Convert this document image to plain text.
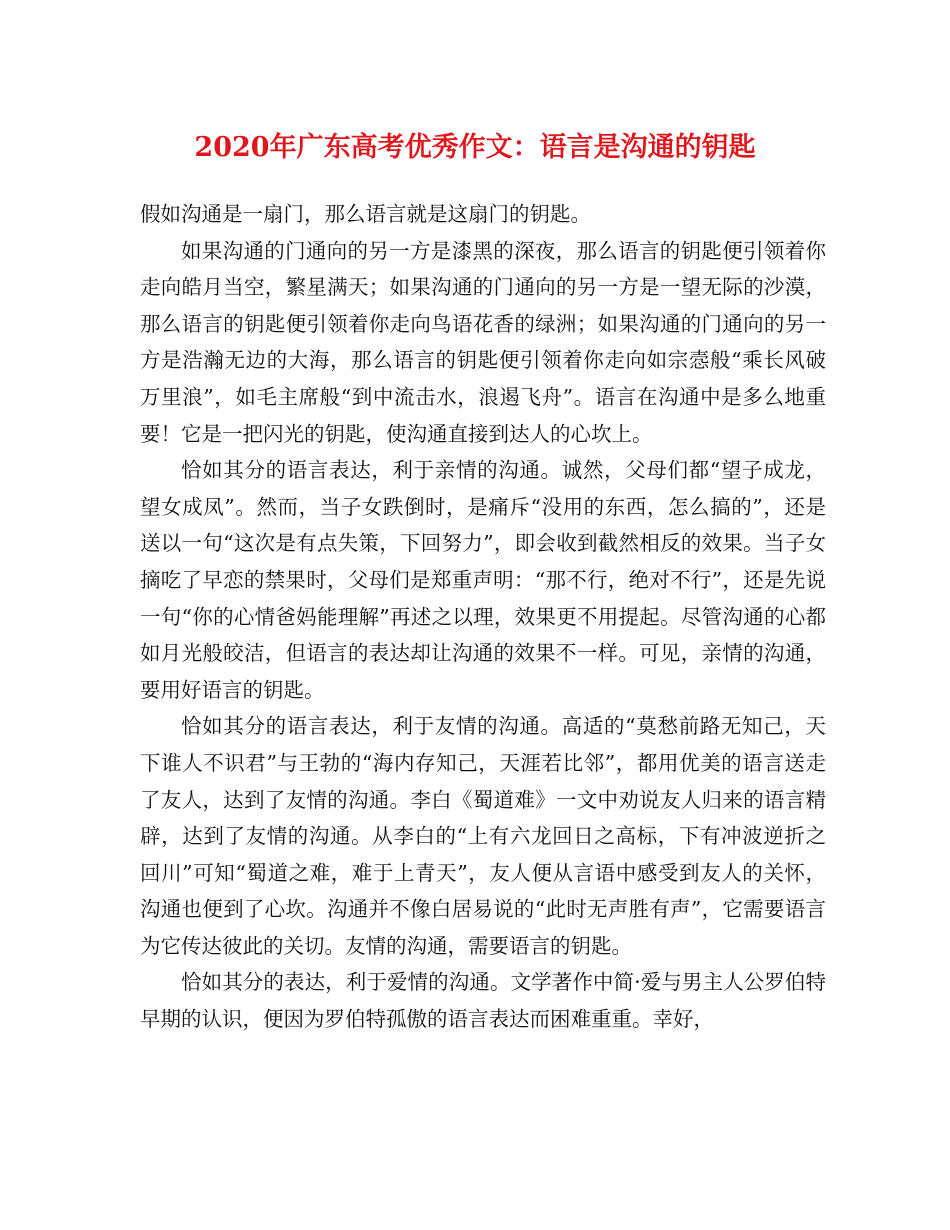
2020年广东高考优秀作文：语言是沟通的钥匙

假如沟通是一扇门，那么语言就是这扇门的钥匙。

如果沟通的门通向的另一方是漆黑的深夜，那么语言的钥匙便引领着你走向皓月当空，繁星满天；如果沟通的门通向的另一方是一望无际的沙漠，那么语言的钥匙便引领着你走向鸟语花香的绿洲；如果沟通的门通向的另一方是浩瀚无边的大海，那么语言的钥匙便引领着你走向如宗悫般“乘长风破万里浪”，如毛主席般“到中流击水，浪遏飞舟”。语言在沟通中是多么地重要！它是一把闪光的钥匙，使沟通直接到达人的心坎上。

恰如其分的语言表达，利于亲情的沟通。诚然，父母们都“望子成龙，望女成凤”。然而，当子女跌倒时，是痛斥“没用的东西，怎么搞的”，还是送以一句“这次是有点失策，下回努力”，即会收到截然相反的效果。当子女摘吃了早恋的禁果时，父母们是郑重声明：“那不行，绝对不行”，还是先说一句“你的心情爸妈能理解”再述之以理，效果更不用提起。尽管沟通的心都如月光般皎洁，但语言的表达却让沟通的效果不一样。可见，亲情的沟通，要用好语言的钥匙。

恰如其分的语言表达，利于友情的沟通。高适的“莫愁前路无知己，天下谁人不识君”与王勃的“海内存知己，天涯若比邻”，都用优美的语言送走了友人，达到了友情的沟通。李白《蜀道难》一文中劝说友人归来的语言精辟，达到了友情的沟通。从李白的“上有六龙回日之高标，下有冲波逆折之回川”可知“蜀道之难，难于上青天”，友人便从言语中感受到友人的关怀，沟通也便到了心坎。沟通并不像白居易说的“此时无声胜有声”，它需要语言为它传达彼此的关切。友情的沟通，需要语言的钥匙。

恰如其分的表达，利于爱情的沟通。文学著作中简·爱与男主人公罗伯特早期的认识，便因为罗伯特孤傲的语言表达而困难重重。幸好，
